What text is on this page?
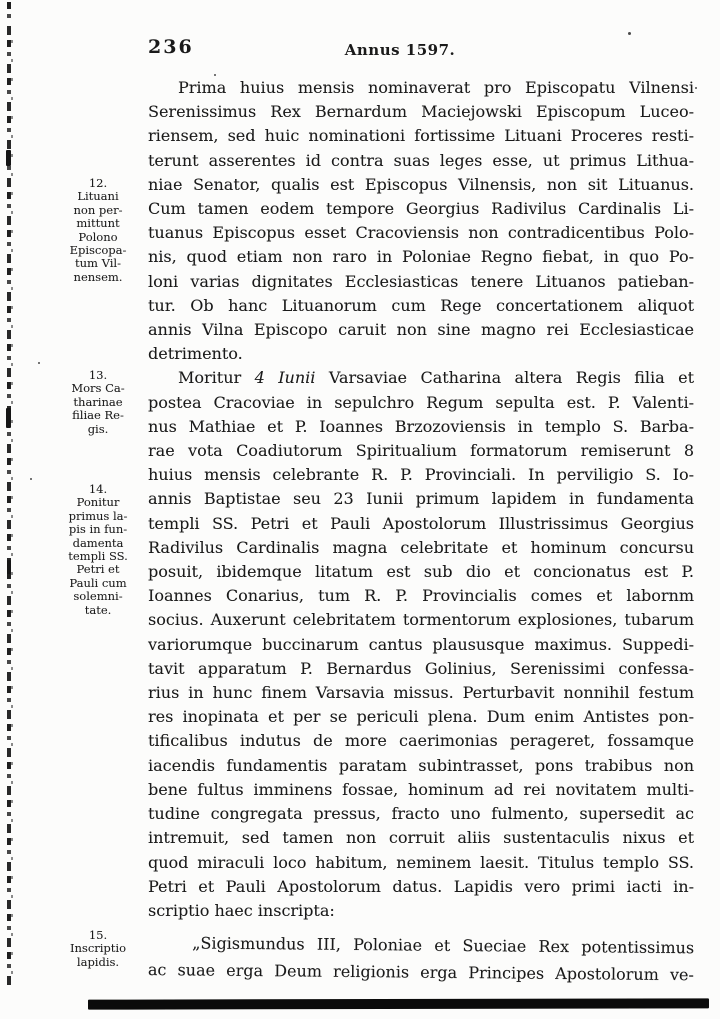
236	Annus 1597.
12.
Lituani
non per-
mittunt
Polono
Episcopa-
tum Vil-
nensem.
13.
Mors Ca-
tharinae
filiae Re-
gis.
14.
Ponitur
primus la-
pis in fun-
damenta
templi SS.
Petri et
Pauli cum
solemni-
tate.
15.
Inscriptio
lapidis.
Prima huius mensis nominaverat pro Episcopatu Vilnensi
Serenissimus Rex Bernardum Maciejowski Episcopum Luceo-
riensem, sed huic nominationi fortissime Lituani Proceres resti-
terunt asserentes id contra suas leges esse, ut primus Lithua-
niae Senator, qualis est Episcopus Vilnensis, non sit Lituanus.
Cum tamen eodem tempore Georgius Radivilus Cardinalis Li-
tuanus Episcopus esset Cracoviensis non contradicentibus Polo-
nis, quod etiam non raro in Poloniae Regno fiebat, in quo Po-
loni varias dignitates Ecclesiasticas tenere Lituanos patieban-
tur. Ob hanc Lituanorum cum Rege concertationem aliquot
annis Vilna Episcopo caruit non sine magno rei Ecclesiasticae
detrimento.
Moritur 4 Iunii Varsaviae Catharina altera Regis filia et
postea Cracoviae in sepulchro Regum sepulta est. P. Valenti-
nus Mathiae et P. Ioannes Brzozoviensis in templo S. Barba-
rae vota Coadiutorum Spiritualium formatorum remiserunt 8
huius mensis celebrante R. P. Provinciali. In perviligio S. Io-
annis Baptistae seu 23 Iunii primum lapidem in fundamenta
templi SS. Petri et Pauli Apostolorum Illustrissimus Georgius
Radivilus Cardinalis magna celebritate et hominum concursu
posuit, ibidemque litatum est sub dio et concionatus est P.
Ioannes Conarius, tum R. P. Provincialis comes et labornm
socius. Auxerunt celebritatem tormentorum explosiones, tubarum
variorumque buccinarum cantus plaususque maximus. Suppedi-
tavit apparatum P. Bernardus Golinius, Serenissimi confessa-
rius in hunc finem Varsavia missus. Perturbavit nonnihil festum
res inopinata et per se periculi plena. Dum enim Antistes pon-
tificalibus indutus de more caerimonias perageret, fossamque
iacendis fundamentis paratam subintrasset, pons trabibus non
bene fultus imminens fossae, hominum ad rei novitatem multi-
tudine congregata pressus, fracto uno fulmento, supersedit ac
intremuit, sed tamen non corruit aliis sustentaculis nixus et
quod miraculi loco habitum, neminem laesit. Titulus templo SS.
Petri et Pauli Apostolorum datus. Lapidis vero primi iacti in-
scriptio haec inscripta:
„Sigismundus III, Poloniae et Sueciae Rex potentissimus
ac suae erga Deum religionis erga Principes Apostolorum ve-
